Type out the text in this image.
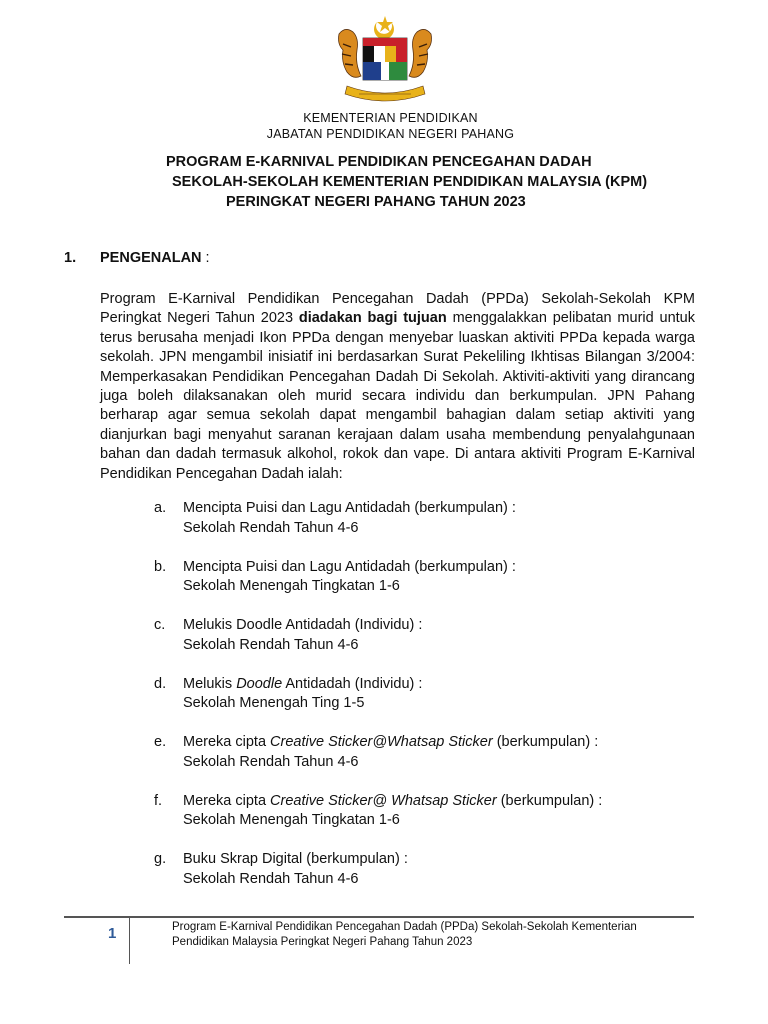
KEMENTERIAN PENDIDIKAN
JABATAN PENDIDIKAN NEGERI PAHANG
PROGRAM E-KARNIVAL PENDIDIKAN PENCEGAHAN DADAH
SEKOLAH-SEKOLAH KEMENTERIAN PENDIDIKAN MALAYSIA (KPM)
PERINGKAT NEGERI PAHANG TAHUN 2023
1. PENGENALAN :
Program E-Karnival Pendidikan Pencegahan Dadah (PPDa) Sekolah-Sekolah KPM Peringkat Negeri Tahun 2023 diadakan bagi tujuan menggalakkan pelibatan murid untuk terus berusaha menjadi Ikon PPDa dengan menyebar luaskan aktiviti PPDa kepada warga sekolah. JPN mengambil inisiatif ini berdasarkan Surat Pekeliling Ikhtisas Bilangan 3/2004: Memperkasakan Pendidikan Pencegahan Dadah Di Sekolah. Aktiviti-aktiviti yang dirancang juga boleh dilaksanakan oleh murid secara individu dan berkumpulan. JPN Pahang berharap agar semua sekolah dapat mengambil bahagian dalam setiap aktiviti yang dianjurkan bagi menyahut saranan kerajaan dalam usaha membendung penyalahgunaan bahan dan dadah termasuk alkohol, rokok dan vape. Di antara aktiviti Program E-Karnival Pendidikan Pencegahan Dadah ialah:
a. Mencipta Puisi dan Lagu Antidadah (berkumpulan) :
Sekolah Rendah Tahun 4-6
b. Mencipta Puisi dan Lagu Antidadah (berkumpulan) :
Sekolah Menengah Tingkatan 1-6
c. Melukis Doodle Antidadah (Individu) :
Sekolah Rendah Tahun 4-6
d. Melukis Doodle Antidadah (Individu) :
Sekolah Menengah Ting 1-5
e. Mereka cipta Creative Sticker@Whatsap Sticker (berkumpulan) :
Sekolah Rendah Tahun 4-6
f. Mereka cipta Creative Sticker@ Whatsap Sticker (berkumpulan) :
Sekolah Menengah Tingkatan 1-6
g. Buku Skrap Digital (berkumpulan) :
Sekolah Rendah Tahun 4-6
1	Program E-Karnival Pendidikan Pencegahan Dadah (PPDa) Sekolah-Sekolah Kementerian
Pendidikan Malaysia Peringkat Negeri Pahang Tahun 2023
